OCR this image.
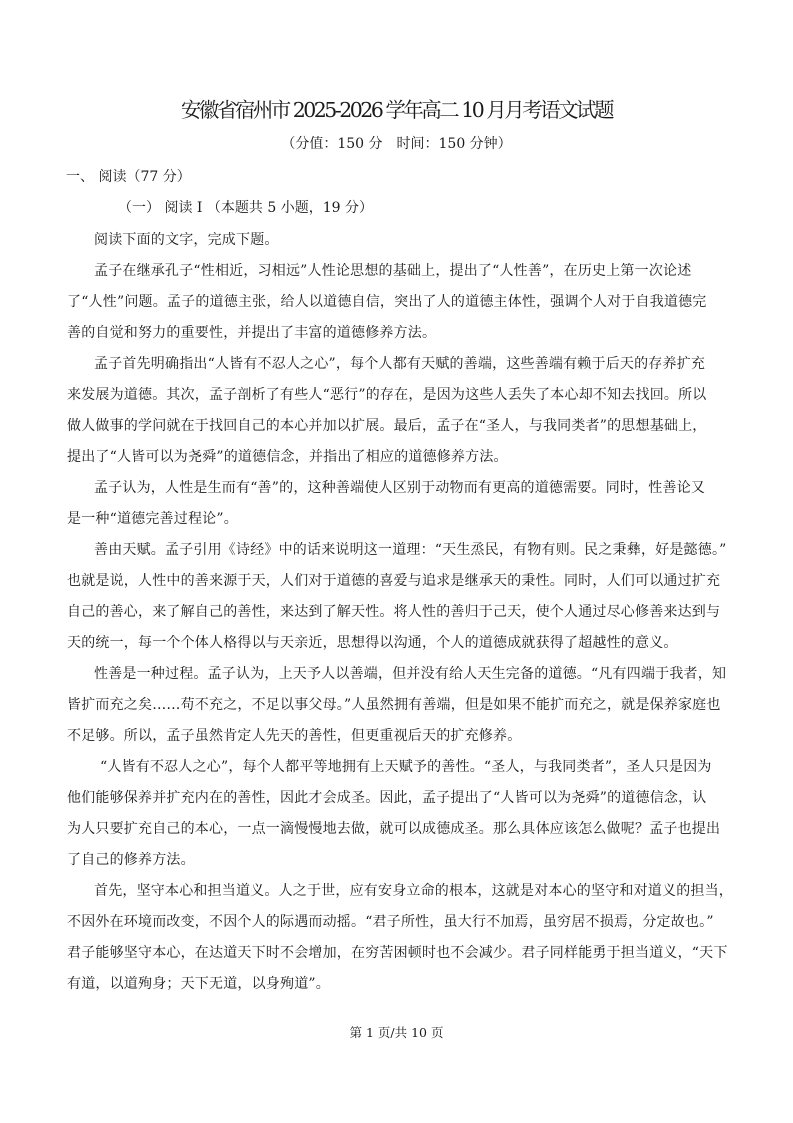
安徽省宿州市 2025-2026 学年高二 10 月月考语文试题
（分值：150 分 时间：150 分钟）
一、 阅读（77 分）
（一） 阅读 I （本题共 5 小题，19 分）
阅读下面的文字，完成下题。
孟子在继承孔子“性相近，习相远”人性论思想的基础上，提出了“人性善”，在历史上第一次论述
了“人性”问题。孟子的道德主张，给人以道德自信，突出了人的道德主体性，强调个人对于自我道德完
善的自觉和努力的重要性，并提出了丰富的道德修养方法。
孟子首先明确指出“人皆有不忍人之心”，每个人都有天赋的善端，这些善端有赖于后天的存养扩充
来发展为道德。其次，孟子剖析了有些人“恶行”的存在，是因为这些人丢失了本心却不知去找回。所以
做人做事的学问就在于找回自己的本心并加以扩展。最后，孟子在“圣人，与我同类者”的思想基础上，
提出了“人皆可以为尧舜”的道德信念，并指出了相应的道德修养方法。
孟子认为，人性是生而有“善”的，这种善端使人区别于动物而有更高的道德需要。同时，性善论又
是一种“道德完善过程论”。
善由天赋。孟子引用《诗经》中的话来说明这一道理：“天生烝民，有物有则。民之秉彝，好是懿德。”
也就是说，人性中的善来源于天，人们对于道德的喜爱与追求是继承天的秉性。同时，人们可以通过扩充
自己的善心，来了解自己的善性，来达到了解天性。将人性的善归于己天，使个人通过尽心修善来达到与
天的统一，每一个个体人格得以与天亲近，思想得以沟通，个人的道德成就获得了超越性的意义。
性善是一种过程。孟子认为，上天予人以善端，但并没有给人天生完备的道德。“凡有四端于我者，知
皆扩而充之矣……苟不充之，不足以事父母。”人虽然拥有善端，但是如果不能扩而充之，就是保养家庭也
不足够。所以，孟子虽然肯定人先天的善性，但更重视后天的扩充修养。
“人皆有不忍人之心”，每个人都平等地拥有上天赋予的善性。“圣人，与我同类者”，圣人只是因为
他们能够保养并扩充内在的善性，因此才会成圣。因此，孟子提出了“人皆可以为尧舜”的道德信念，认
为人只要扩充自己的本心，一点一滴慢慢地去做，就可以成德成圣。那么具体应该怎么做呢？孟子也提出
了自己的修养方法。
首先，坚守本心和担当道义。人之于世，应有安身立命的根本，这就是对本心的坚守和对道义的担当，
不因外在环境而改变，不因个人的际遇而动摇。“君子所性，虽大行不加焉，虽穷居不损焉，分定故也。”
君子能够坚守本心，在达道天下时不会增加，在穷苦困顿时也不会减少。君子同样能勇于担当道义，“天下
有道，以道殉身；天下无道，以身殉道”。
第 1 页/共 10 页
